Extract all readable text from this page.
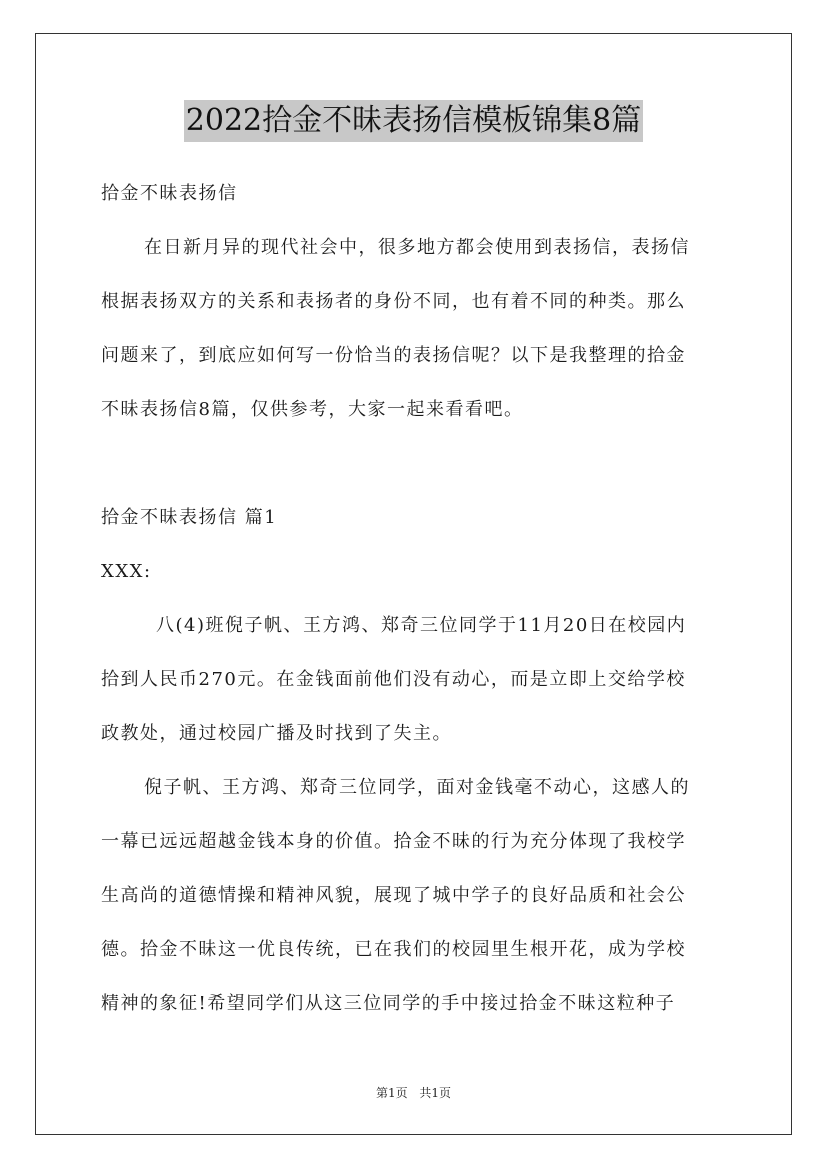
2022拾金不昧表扬信模板锦集8篇
拾金不昧表扬信
在日新月异的现代社会中，很多地方都会使用到表扬信，表扬信
根据表扬双方的关系和表扬者的身份不同，也有着不同的种类。那么
问题来了，到底应如何写一份恰当的表扬信呢？以下是我整理的拾金
不昧表扬信8篇，仅供参考，大家一起来看看吧。
拾金不昧表扬信 篇1
XXX:
八(4)班倪子帆、王方鸿、郑奇三位同学于11月20日在校园内
拾到人民币270元。在金钱面前他们没有动心，而是立即上交给学校
政教处，通过校园广播及时找到了失主。
倪子帆、王方鸿、郑奇三位同学，面对金钱毫不动心，这感人的
一幕已远远超越金钱本身的价值。拾金不昧的行为充分体现了我校学
生高尚的道德情操和精神风貌，展现了城中学子的良好品质和社会公
德。拾金不昧这一优良传统，已在我们的校园里生根开花，成为学校
精神的象征!希望同学们从这三位同学的手中接过拾金不昧这粒种子
第1页 共1页
